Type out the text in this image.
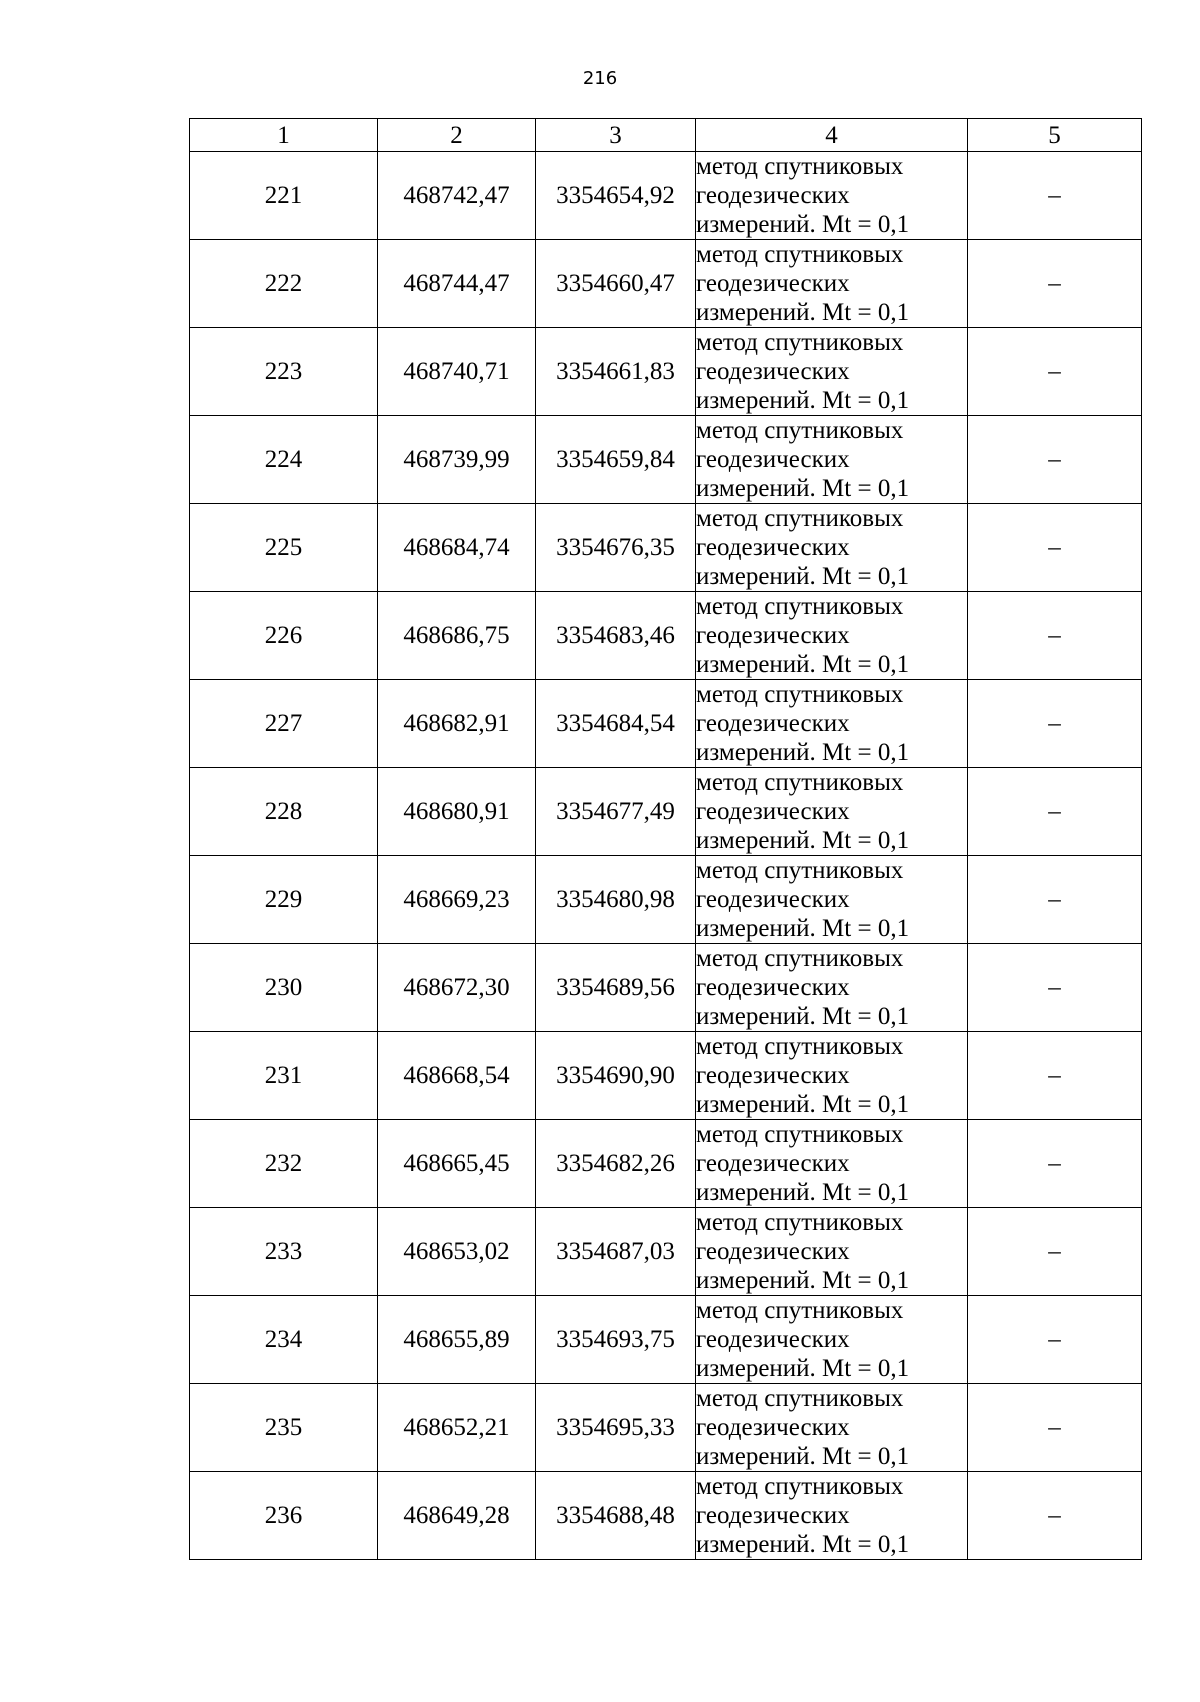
216
1	2	3	4	5
221	468742,47	3354654,92	метод спутниковых
геодезических
измерений. Mt = 0,1	–
222	468744,47	3354660,47	метод спутниковых
геодезических
измерений. Mt = 0,1	–
223	468740,71	3354661,83	метод спутниковых
геодезических
измерений. Mt = 0,1	–
224	468739,99	3354659,84	метод спутниковых
геодезических
измерений. Mt = 0,1	–
225	468684,74	3354676,35	метод спутниковых
геодезических
измерений. Mt = 0,1	–
226	468686,75	3354683,46	метод спутниковых
геодезических
измерений. Mt = 0,1	–
227	468682,91	3354684,54	метод спутниковых
геодезических
измерений. Mt = 0,1	–
228	468680,91	3354677,49	метод спутниковых
геодезических
измерений. Mt = 0,1	–
229	468669,23	3354680,98	метод спутниковых
геодезических
измерений. Mt = 0,1	–
230	468672,30	3354689,56	метод спутниковых
геодезических
измерений. Mt = 0,1	–
231	468668,54	3354690,90	метод спутниковых
геодезических
измерений. Mt = 0,1	–
232	468665,45	3354682,26	метод спутниковых
геодезических
измерений. Mt = 0,1	–
233	468653,02	3354687,03	метод спутниковых
геодезических
измерений. Mt = 0,1	–
234	468655,89	3354693,75	метод спутниковых
геодезических
измерений. Mt = 0,1	–
235	468652,21	3354695,33	метод спутниковых
геодезических
измерений. Mt = 0,1	–
236	468649,28	3354688,48	метод спутниковых
геодезических
измерений. Mt = 0,1	–
